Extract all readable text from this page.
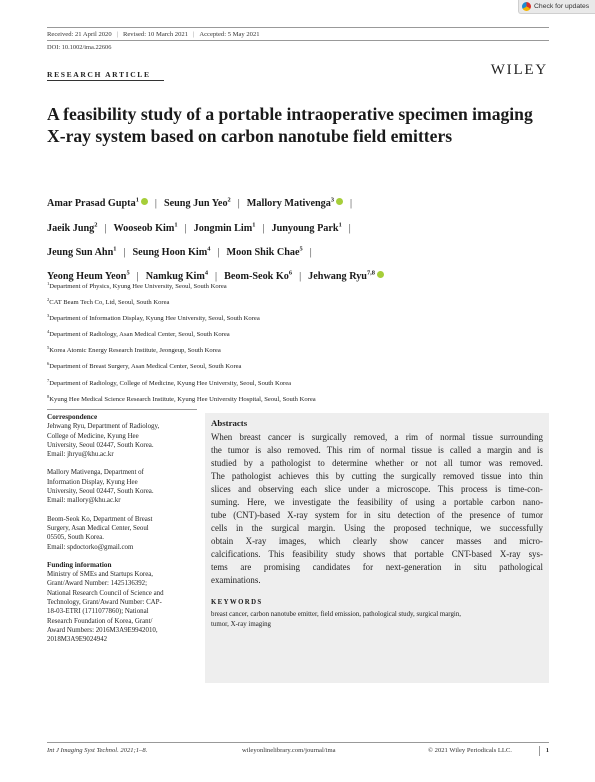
Check for updates
Received: 21 April 2020 | Revised: 10 March 2021 | Accepted: 5 May 2021
DOI: 10.1002/ima.22606
RESEARCH ARTICLE	WILEY
A feasibility study of a portable intraoperative specimen imaging X-ray system based on carbon nanotube field emitters
Amar Prasad Gupta$^1$ | Seung Jun Yeo$^2$ | Mallory Mativenga$^3$ |
Jaeik Jung$^2$ | Wooseob Kim$^1$ | Jongmin Lim$^1$ | Junyoung Park$^1$ |
Jeung Sun Ahn$^1$ | Seung Hoon Kim$^4$ | Moon Shik Chae$^5$ |
Yeong Heum Yeon$^5$ | Namkug Kim$^4$ | Beom-Seok Ko$^6$ | Jehwang Ryu$^{7,8}$
$^1$Department of Physics, Kyung Hee University, Seoul, South Korea
$^2$CAT Beam Tech Co, Ltd, Seoul, South Korea
$^3$Department of Information Display, Kyung Hee University, Seoul, South Korea
$^4$Department of Radiology, Asan Medical Center, Seoul, South Korea
$^5$Korea Atomic Energy Research Institute, Jeongeup, South Korea
$^6$Department of Breast Surgery, Asan Medical Center, Seoul, South Korea
$^7$Department of Radiology, College of Medicine, Kyung Hee University, Seoul, South Korea
$^8$Kyung Hee Medical Science Research Institute, Kyung Hee University Hospital, Seoul, South Korea
Correspondence
Jehwang Ryu, Department of Radiology,
College of Medicine, Kyung Hee
University, Seoul 02447, South Korea.
Email: jhryu@khu.ac.kr
Mallory Mativenga, Department of
Information Display, Kyung Hee
University, Seoul 02447, South Korea.
Email: mallory@khu.ac.kr
Beom-Seok Ko, Department of Breast
Surgery, Asan Medical Center, Seoul
05505, South Korea.
Email: spdoctorko@gmail.com
Funding information
Ministry of SMEs and Startups Korea,
Grant/Award Number: 1425136392;
National Research Council of Science and
Technology, Grant/Award Number: CAP-
18-03-ETRI (1711077860); National
Research Foundation of Korea, Grant/
Award Numbers: 2016M3A9E9942010,
2018M3A9E9024942
Abstracts
When breast cancer is surgically removed, a rim of normal tissue surrounding
the tumor is also removed. This rim of normal tissue is called a margin and is
studied by a pathologist to determine whether or not all tumor was removed.
The pathologist achieves this by cutting the surgically removed tissue into thin
slices and observing each slice under a microscope. This process is time-con-
suming. Here, we investigate the feasibility of using a portable carbon nano-
tube (CNT)-based X-ray system for in situ detection of the presence of tumor
cells in the surgical margin. Using the proposed technique, we successfully
obtain X-ray images, which clearly show cancer masses and micro-
calcifications. This feasibility study shows that portable CNT-based X-ray sys-
tems are promising candidates for next-generation in situ pathological
examinations.
KEYWORDS
breast cancer, carbon nanotube emitter, field emission, pathological study, surgical margin,
tumor, X-ray imaging
Int J Imaging Syst Technol. 2021;1–8.	wileyonlinelibrary.com/journal/ima	© 2021 Wiley Periodicals LLC.	1
